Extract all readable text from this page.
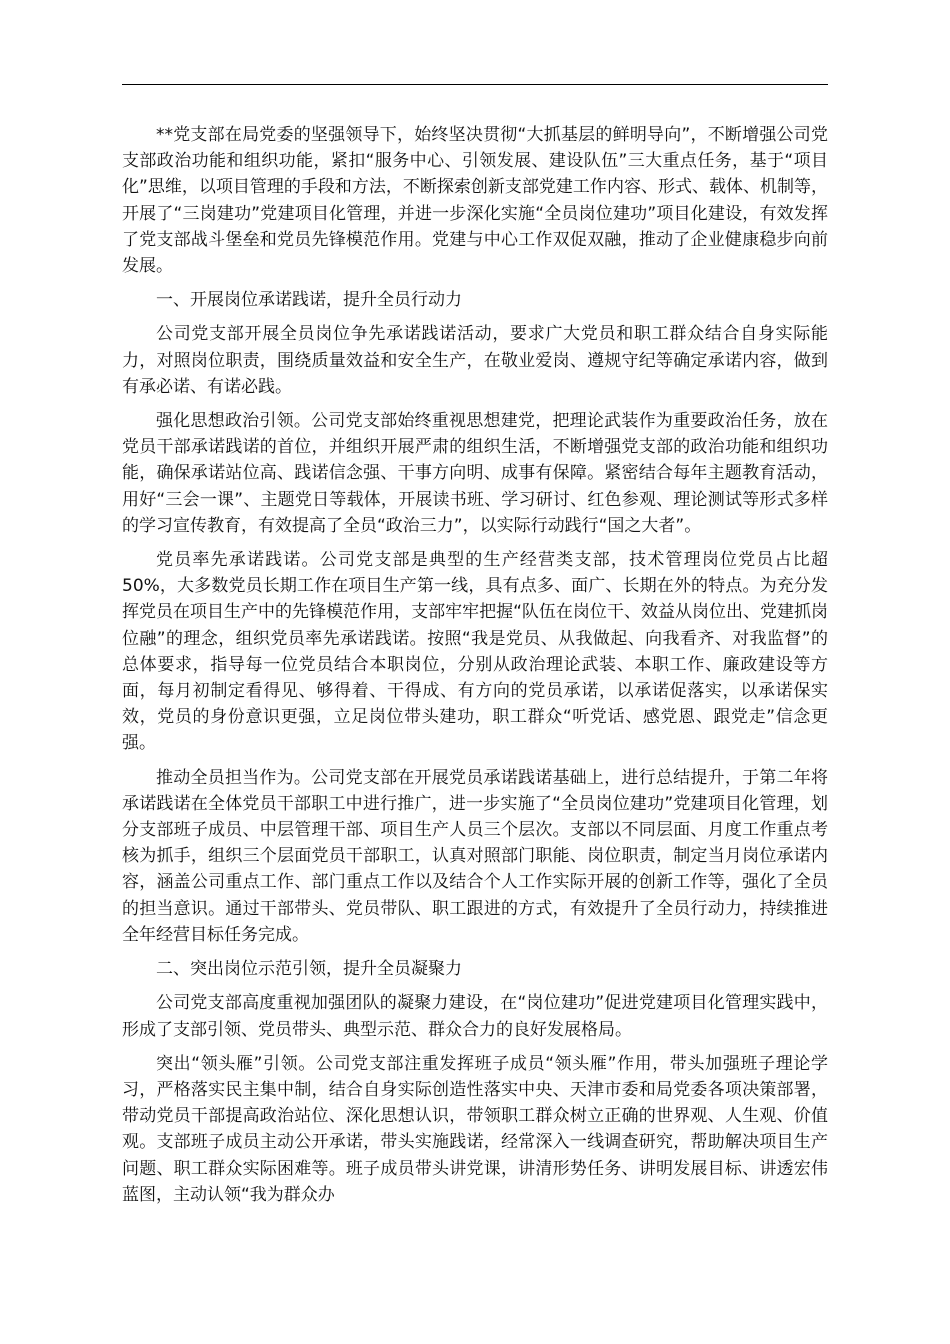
**党支部在局党委的坚强领导下，始终坚决贯彻“大抓基层的鲜明导向”，不断增强公司党支部政治功能和组织功能，紧扣“服务中心、引领发展、建设队伍”三大重点任务，基于“项目化”思维，以项目管理的手段和方法，不断探索创新支部党建工作内容、形式、载体、机制等，开展了“三岗建功”党建项目化管理，并进一步深化实施“全员岗位建功”项目化建设，有效发挥了党支部战斗堡垒和党员先锋模范作用。党建与中心工作双促双融，推动了企业健康稳步向前发展。

一、开展岗位承诺践诺，提升全员行动力

公司党支部开展全员岗位争先承诺践诺活动，要求广大党员和职工群众结合自身实际能力，对照岗位职责，围绕质量效益和安全生产，在敬业爱岗、遵规守纪等确定承诺内容，做到有承必诺、有诺必践。

强化思想政治引领。公司党支部始终重视思想建党，把理论武装作为重要政治任务，放在党员干部承诺践诺的首位，并组织开展严肃的组织生活，不断增强党支部的政治功能和组织功能，确保承诺站位高、践诺信念强、干事方向明、成事有保障。紧密结合每年主题教育活动，用好“三会一课”、主题党日等载体，开展读书班、学习研讨、红色参观、理论测试等形式多样的学习宣传教育，有效提高了全员“政治三力”，以实际行动践行“国之大者”。

党员率先承诺践诺。公司党支部是典型的生产经营类支部，技术管理岗位党员占比超 50%，大多数党员长期工作在项目生产第一线，具有点多、面广、长期在外的特点。为充分发挥党员在项目生产中的先锋模范作用，支部牢牢把握“队伍在岗位干、效益从岗位出、党建抓岗位融”的理念，组织党员率先承诺践诺。按照“我是党员、从我做起、向我看齐、对我监督”的总体要求，指导每一位党员结合本职岗位，分别从政治理论武装、本职工作、廉政建设等方面，每月初制定看得见、够得着、干得成、有方向的党员承诺，以承诺促落实，以承诺保实效，党员的身份意识更强，立足岗位带头建功，职工群众“听党话、感党恩、跟党走”信念更强。

推动全员担当作为。公司党支部在开展党员承诺践诺基础上，进行总结提升，于第二年将承诺践诺在全体党员干部职工中进行推广，进一步实施了“全员岗位建功”党建项目化管理，划分支部班子成员、中层管理干部、项目生产人员三个层次。支部以不同层面、月度工作重点考核为抓手，组织三个层面党员干部职工，认真对照部门职能、岗位职责，制定当月岗位承诺内容，涵盖公司重点工作、部门重点工作以及结合个人工作实际开展的创新工作等，强化了全员的担当意识。通过干部带头、党员带队、职工跟进的方式，有效提升了全员行动力，持续推进全年经营目标任务完成。

二、突出岗位示范引领，提升全员凝聚力

公司党支部高度重视加强团队的凝聚力建设，在“岗位建功”促进党建项目化管理实践中，形成了支部引领、党员带头、典型示范、群众合力的良好发展格局。

突出“领头雁”引领。公司党支部注重发挥班子成员“领头雁”作用，带头加强班子理论学习，严格落实民主集中制，结合自身实际创造性落实中央、天津市委和局党委各项决策部署，带动党员干部提高政治站位、深化思想认识，带领职工群众树立正确的世界观、人生观、价值观。支部班子成员主动公开承诺，带头实施践诺，经常深入一线调查研究，帮助解决项目生产问题、职工群众实际困难等。班子成员带头讲党课，讲清形势任务、讲明发展目标、讲透宏伟蓝图，主动认领“我为群众办
